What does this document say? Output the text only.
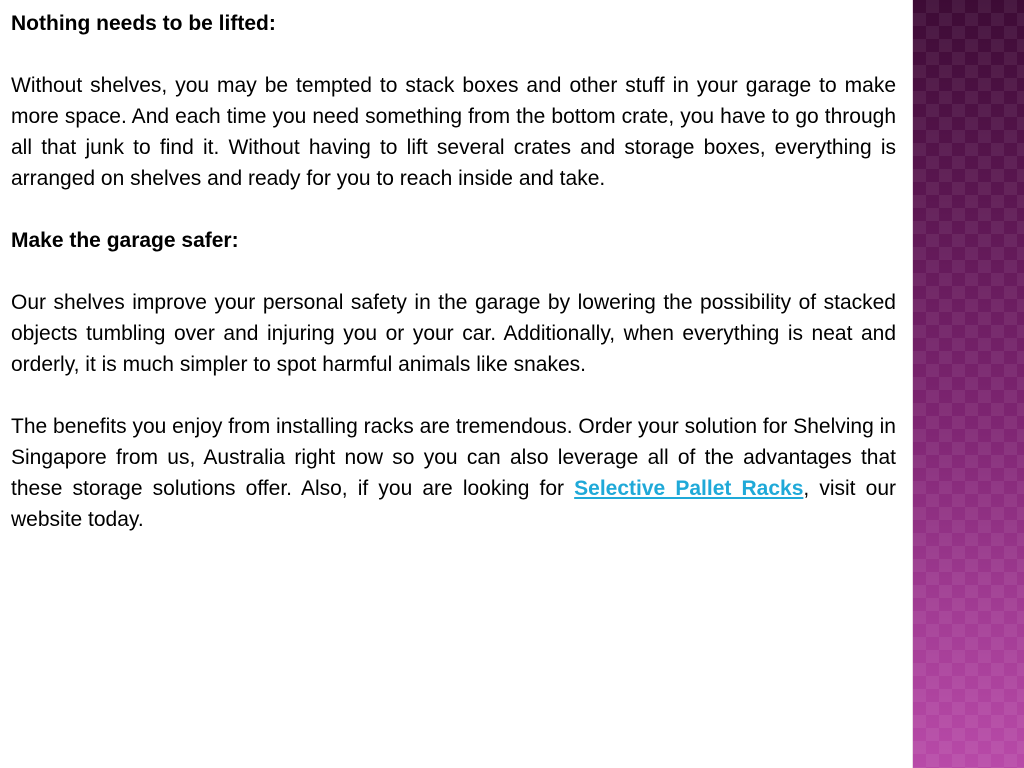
Nothing needs to be lifted:
Without shelves, you may be tempted to stack boxes and other stuff in your garage to make more space. And each time you need something from the bottom crate, you have to go through all that junk to find it. Without having to lift several crates and storage boxes, everything is arranged on shelves and ready for you to reach inside and take.
Make the garage safer:
Our shelves improve your personal safety in the garage by lowering the possibility of stacked objects tumbling over and injuring you or your car. Additionally, when everything is neat and orderly, it is much simpler to spot harmful animals like snakes.
The benefits you enjoy from installing racks are tremendous. Order your solution for Shelving in Singapore from us, Australia right now so you can also leverage all of the advantages that these storage solutions offer. Also, if you are looking for Selective Pallet Racks, visit our website today.
